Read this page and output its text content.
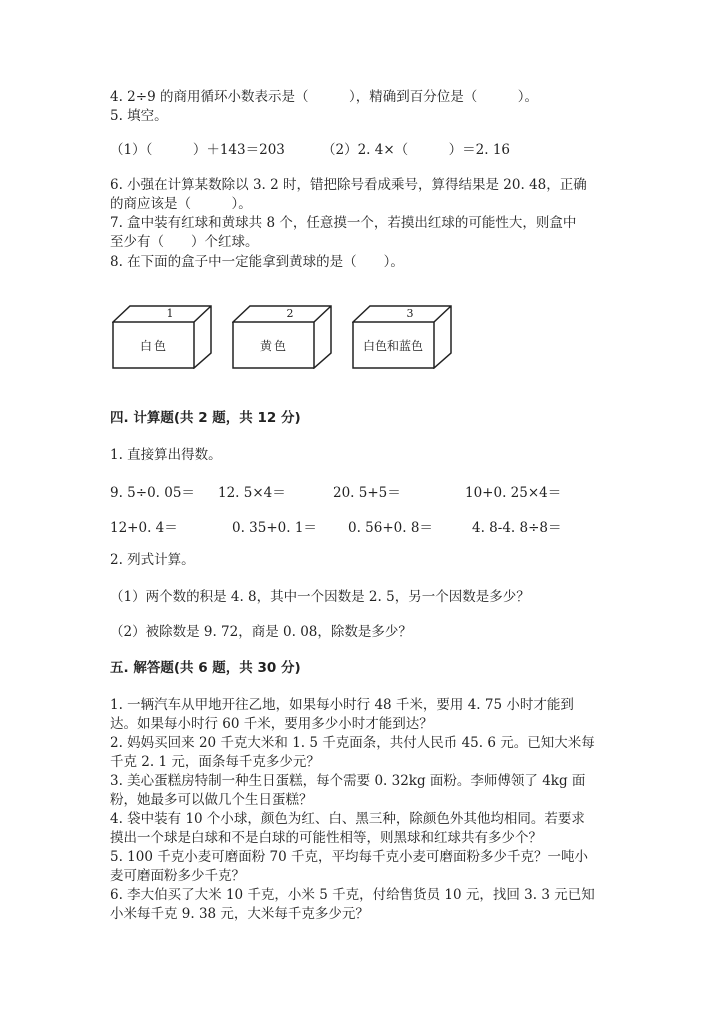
4. 2÷9 的商用循环小数表示是（　　　），精确到百分位是（　　　）。
5. 填空。
（1）（　　　）＋143＝203	（2）2. 4×（　　　）＝2. 16
6. 小强在计算某数除以 3. 2 时，错把除号看成乘号，算得结果是 20. 48，正确
的商应该是（　　　）。
7. 盒中装有红球和黄球共 8 个，任意摸一个，若摸出红球的可能性大，则盒中
至少有（　　）个红球。
8. 在下面的盒子中一定能拿到黄球的是（　　）。
1
白色
2
黄色
3
白色和蓝色
四. 计算题(共 2 题，共 12 分)
1. 直接算出得数。
9. 5÷0. 05＝ 12. 5×4＝	20. 5+5＝	10+0. 25×4＝
12+0. 4＝	0. 35+0. 1＝ 0. 56+0. 8＝	4. 8-4. 8÷8＝
2. 列式计算。
（1）两个数的积是 4. 8，其中一个因数是 2. 5，另一个因数是多少？
（2）被除数是 9. 72，商是 0. 08，除数是多少？
五. 解答题(共 6 题，共 30 分)
1. 一辆汽车从甲地开往乙地，如果每小时行 48 千米，要用 4. 75 小时才能到
达。如果每小时行 60 千米，要用多少小时才能到达？
2. 妈妈买回来 20 千克大米和 1. 5 千克面条，共付人民币 45. 6 元。已知大米每
千克 2. 1 元，面条每千克多少元？
3. 美心蛋糕房特制一种生日蛋糕，每个需要 0. 32kg 面粉。李师傅领了 4kg 面
粉，她最多可以做几个生日蛋糕？
4. 袋中装有 10 个小球，颜色为红、白、黑三种，除颜色外其他均相同。若要求
摸出一个球是白球和不是白球的可能性相等，则黑球和红球共有多少个？
5. 100 千克小麦可磨面粉 70 千克，平均每千克小麦可磨面粉多少千克？一吨小
麦可磨面粉多少千克？
6. 李大伯买了大米 10 千克，小米 5 千克，付给售货员 10 元，找回 3. 3 元已知
小米每千克 9. 38 元，大米每千克多少元？
